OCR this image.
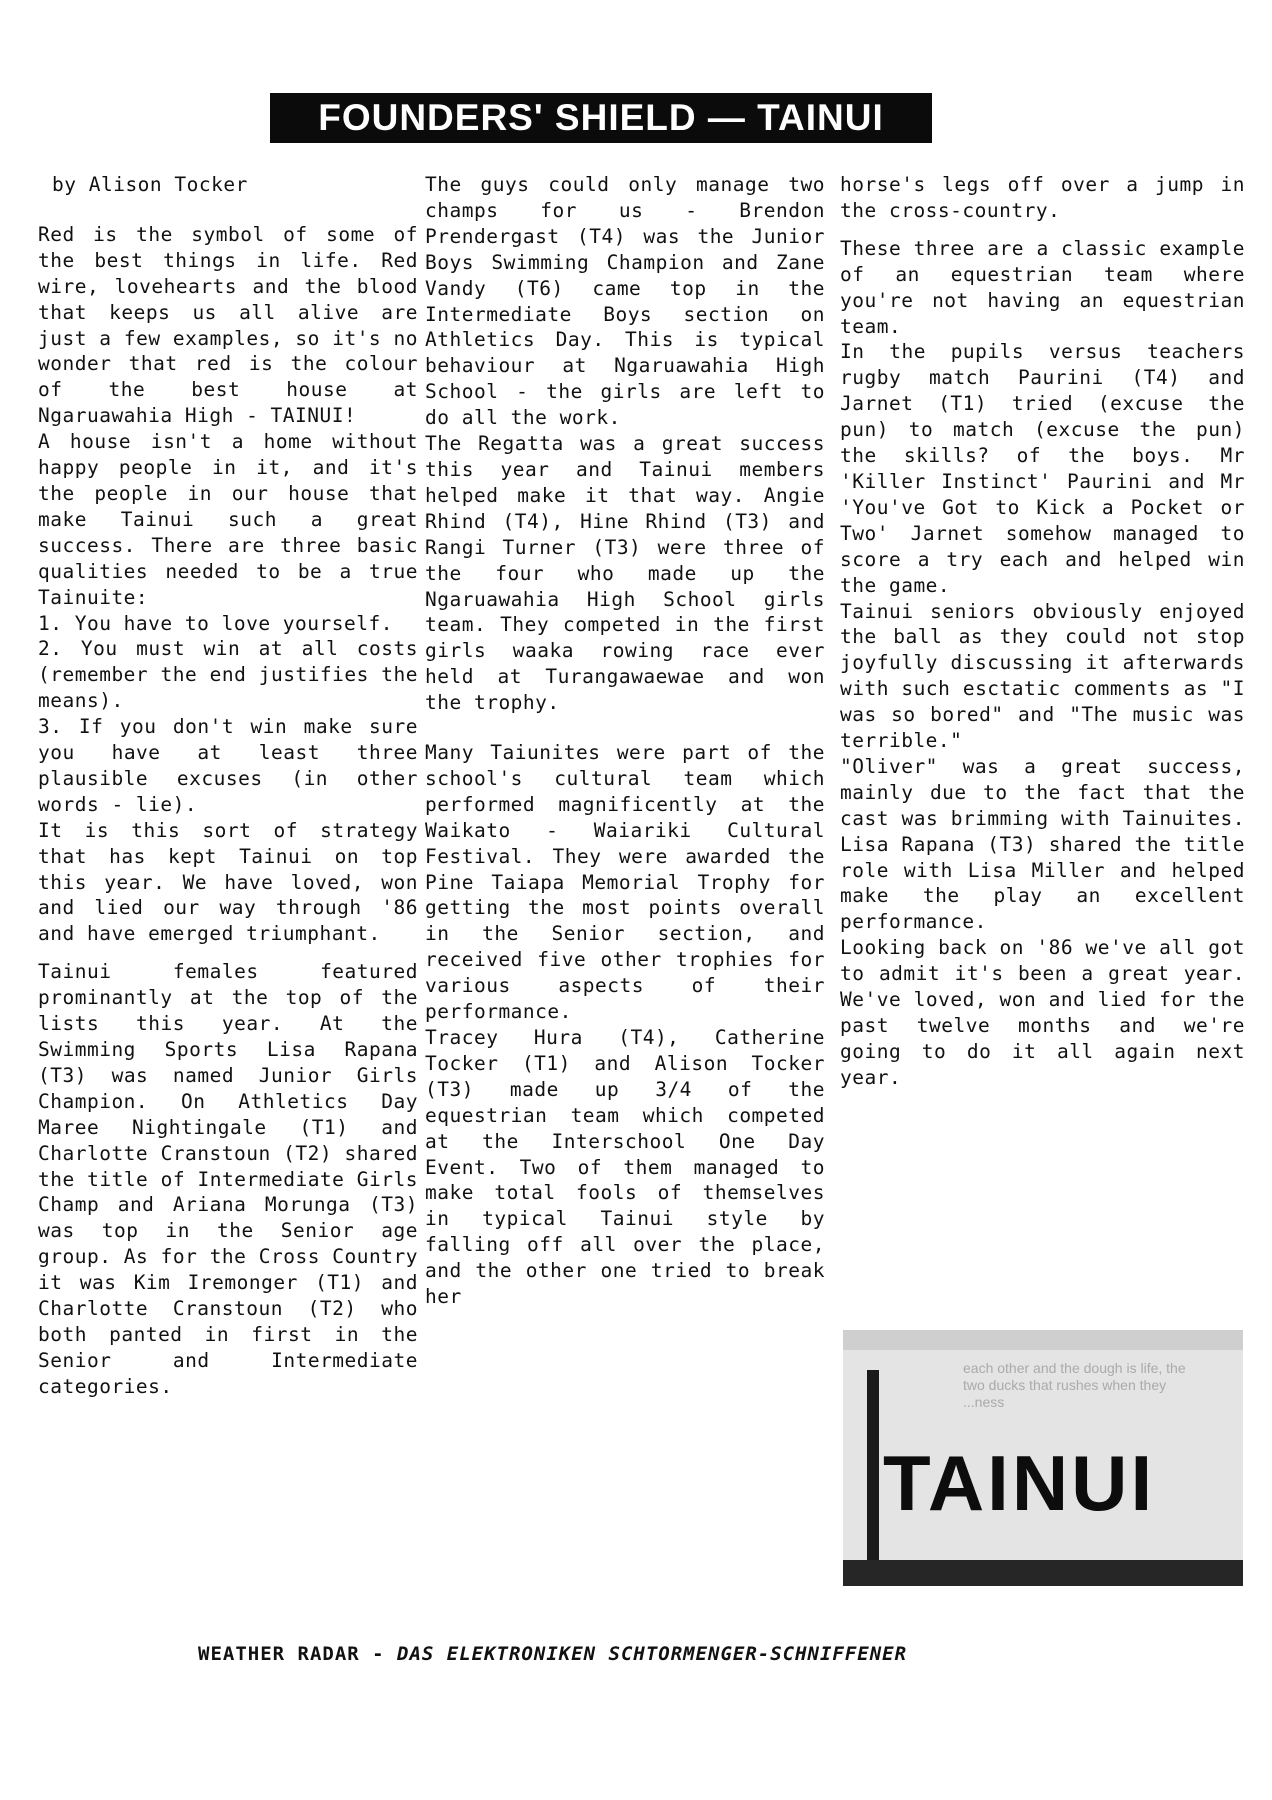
FOUNDERS' SHIELD — TAINUI

by Alison Tocker

Red is the symbol of some of the best things in life. Red wire, lovehearts and the blood that keeps us all alive are just a few examples, so it's no wonder that red is the colour of the best house at Ngaruawahia High - TAINUI!

A house isn't a home without happy people in it, and it's the people in our house that make Tainui such a great success. There are three basic qualities needed to be a true Tainuite:

1. You have to love yourself.

2. You must win at all costs (remember the end justifies the means).

3. If you don't win make sure you have at least three plausible excuses (in other words - lie).

It is this sort of strategy that has kept Tainui on top this year. We have loved, won and lied our way through '86 and have emerged triumphant.

Tainui females featured prominantly at the top of the lists this year. At the Swimming Sports Lisa Rapana (T3) was named Junior Girls Champion. On Athletics Day Maree Nightingale (T1) and Charlotte Cranstoun (T2) shared the title of Intermediate Girls Champ and Ariana Morunga (T3) was top in the Senior age group. As for the Cross Country it was Kim Iremonger (T1) and Charlotte Cranstoun (T2) who both panted in first in the Senior and Intermediate categories.

The guys could only manage two champs for us - Brendon Prendergast (T4) was the Junior Boys Swimming Champion and Zane Vandy (T6) came top in the Intermediate Boys section on Athletics Day. This is typical behaviour at Ngaruawahia High School - the girls are left to do all the work.

The Regatta was a great success this year and Tainui members helped make it that way. Angie Rhind (T4), Hine Rhind (T3) and Rangi Turner (T3) were three of the four who made up the Ngaruawahia High School girls team. They competed in the first girls waaka rowing race ever held at Turangawaewae and won the trophy.

Many Taiunites were part of the school's cultural team which performed magnificently at the Waikato - Waiariki Cultural Festival. They were awarded the Pine Taiapa Memorial Trophy for getting the most points overall in the Senior section, and received five other trophies for various aspects of their performance.

Tracey Hura (T4), Catherine Tocker (T1) and Alison Tocker (T3) made up 3/4 of the equestrian team which competed at the Interschool One Day Event. Two of them managed to make total fools of themselves in typical Tainui style by falling off all over the place, and the other one tried to break her

horse's legs off over a jump in the cross-country.

These three are a classic example of an equestrian team where you're not having an equestrian team.

In the pupils versus teachers rugby match Paurini (T4) and Jarnet (T1) tried (excuse the pun) to match (excuse the pun) the skills? of the boys. Mr 'Killer Instinct' Paurini and Mr 'You've Got to Kick a Pocket or Two' Jarnet somehow managed to score a try each and helped win the game.

Tainui seniors obviously enjoyed the ball as they could not stop joyfully discussing it afterwards with such esctatic comments as "I was so bored" and "The music was terrible."

"Oliver" was a great success, mainly due to the fact that the cast was brimming with Tainuites. Lisa Rapana (T3) shared the title role with Lisa Miller and helped make the play an excellent performance.

Looking back on '86 we've all got to admit it's been a great year. We've loved, won and lied for the past twelve months and we're going to do it all again next year.

each other and the dough is life, the two ducks that rushes when they ...ness
TAINUI
WEATHER RADAR - DAS ELEKTRONIKEN SCHTORMENGER-SCHNIFFENER
